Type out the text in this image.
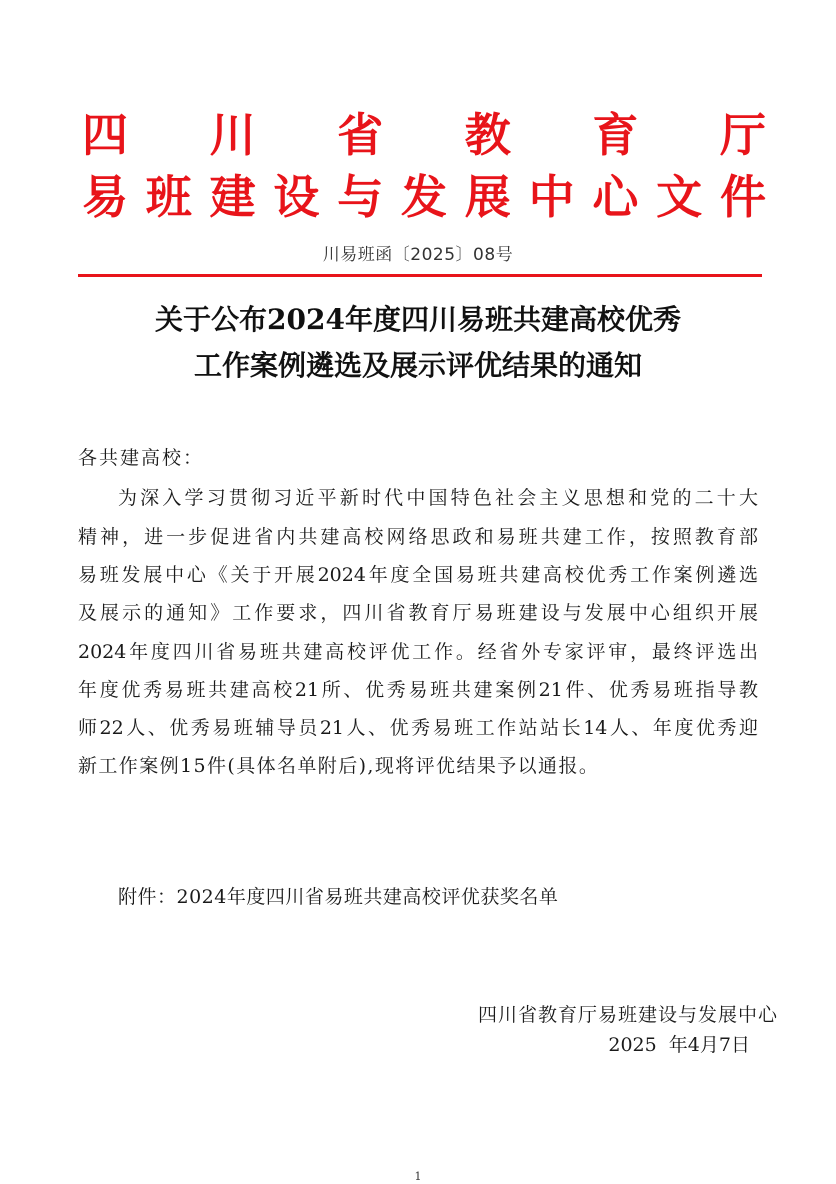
四 川 省 教 育 厅
易 班 建 设 与 发 展 中 心 文 件
川易班函〔2025〕08号
关于公布2024年度四川易班共建高校优秀
工作案例遴选及展示评优结果的通知
各共建高校：
为深入学习贯彻习近平新时代中国特色社会主义思想和党的二十大
精神，进一步促进省内共建高校网络思政和易班共建工作，按照教育部
易班发展中心《关于开展2024年度全国易班共建高校优秀工作案例遴选
及展示的通知》工作要求，四川省教育厅易班建设与发展中心组织开展
2024年度四川省易班共建高校评优工作。经省外专家评审，最终评选出
年度优秀易班共建高校21所、优秀易班共建案例21件、优秀易班指导教
师22人、优秀易班辅导员21人、优秀易班工作站站长14人、年度优秀迎
新工作案例15件(具体名单附后),现将评优结果予以通报。
附件：2024年度四川省易班共建高校评优获奖名单
四川省教育厅易班建设与发展中心
2025  年4月7日
1
